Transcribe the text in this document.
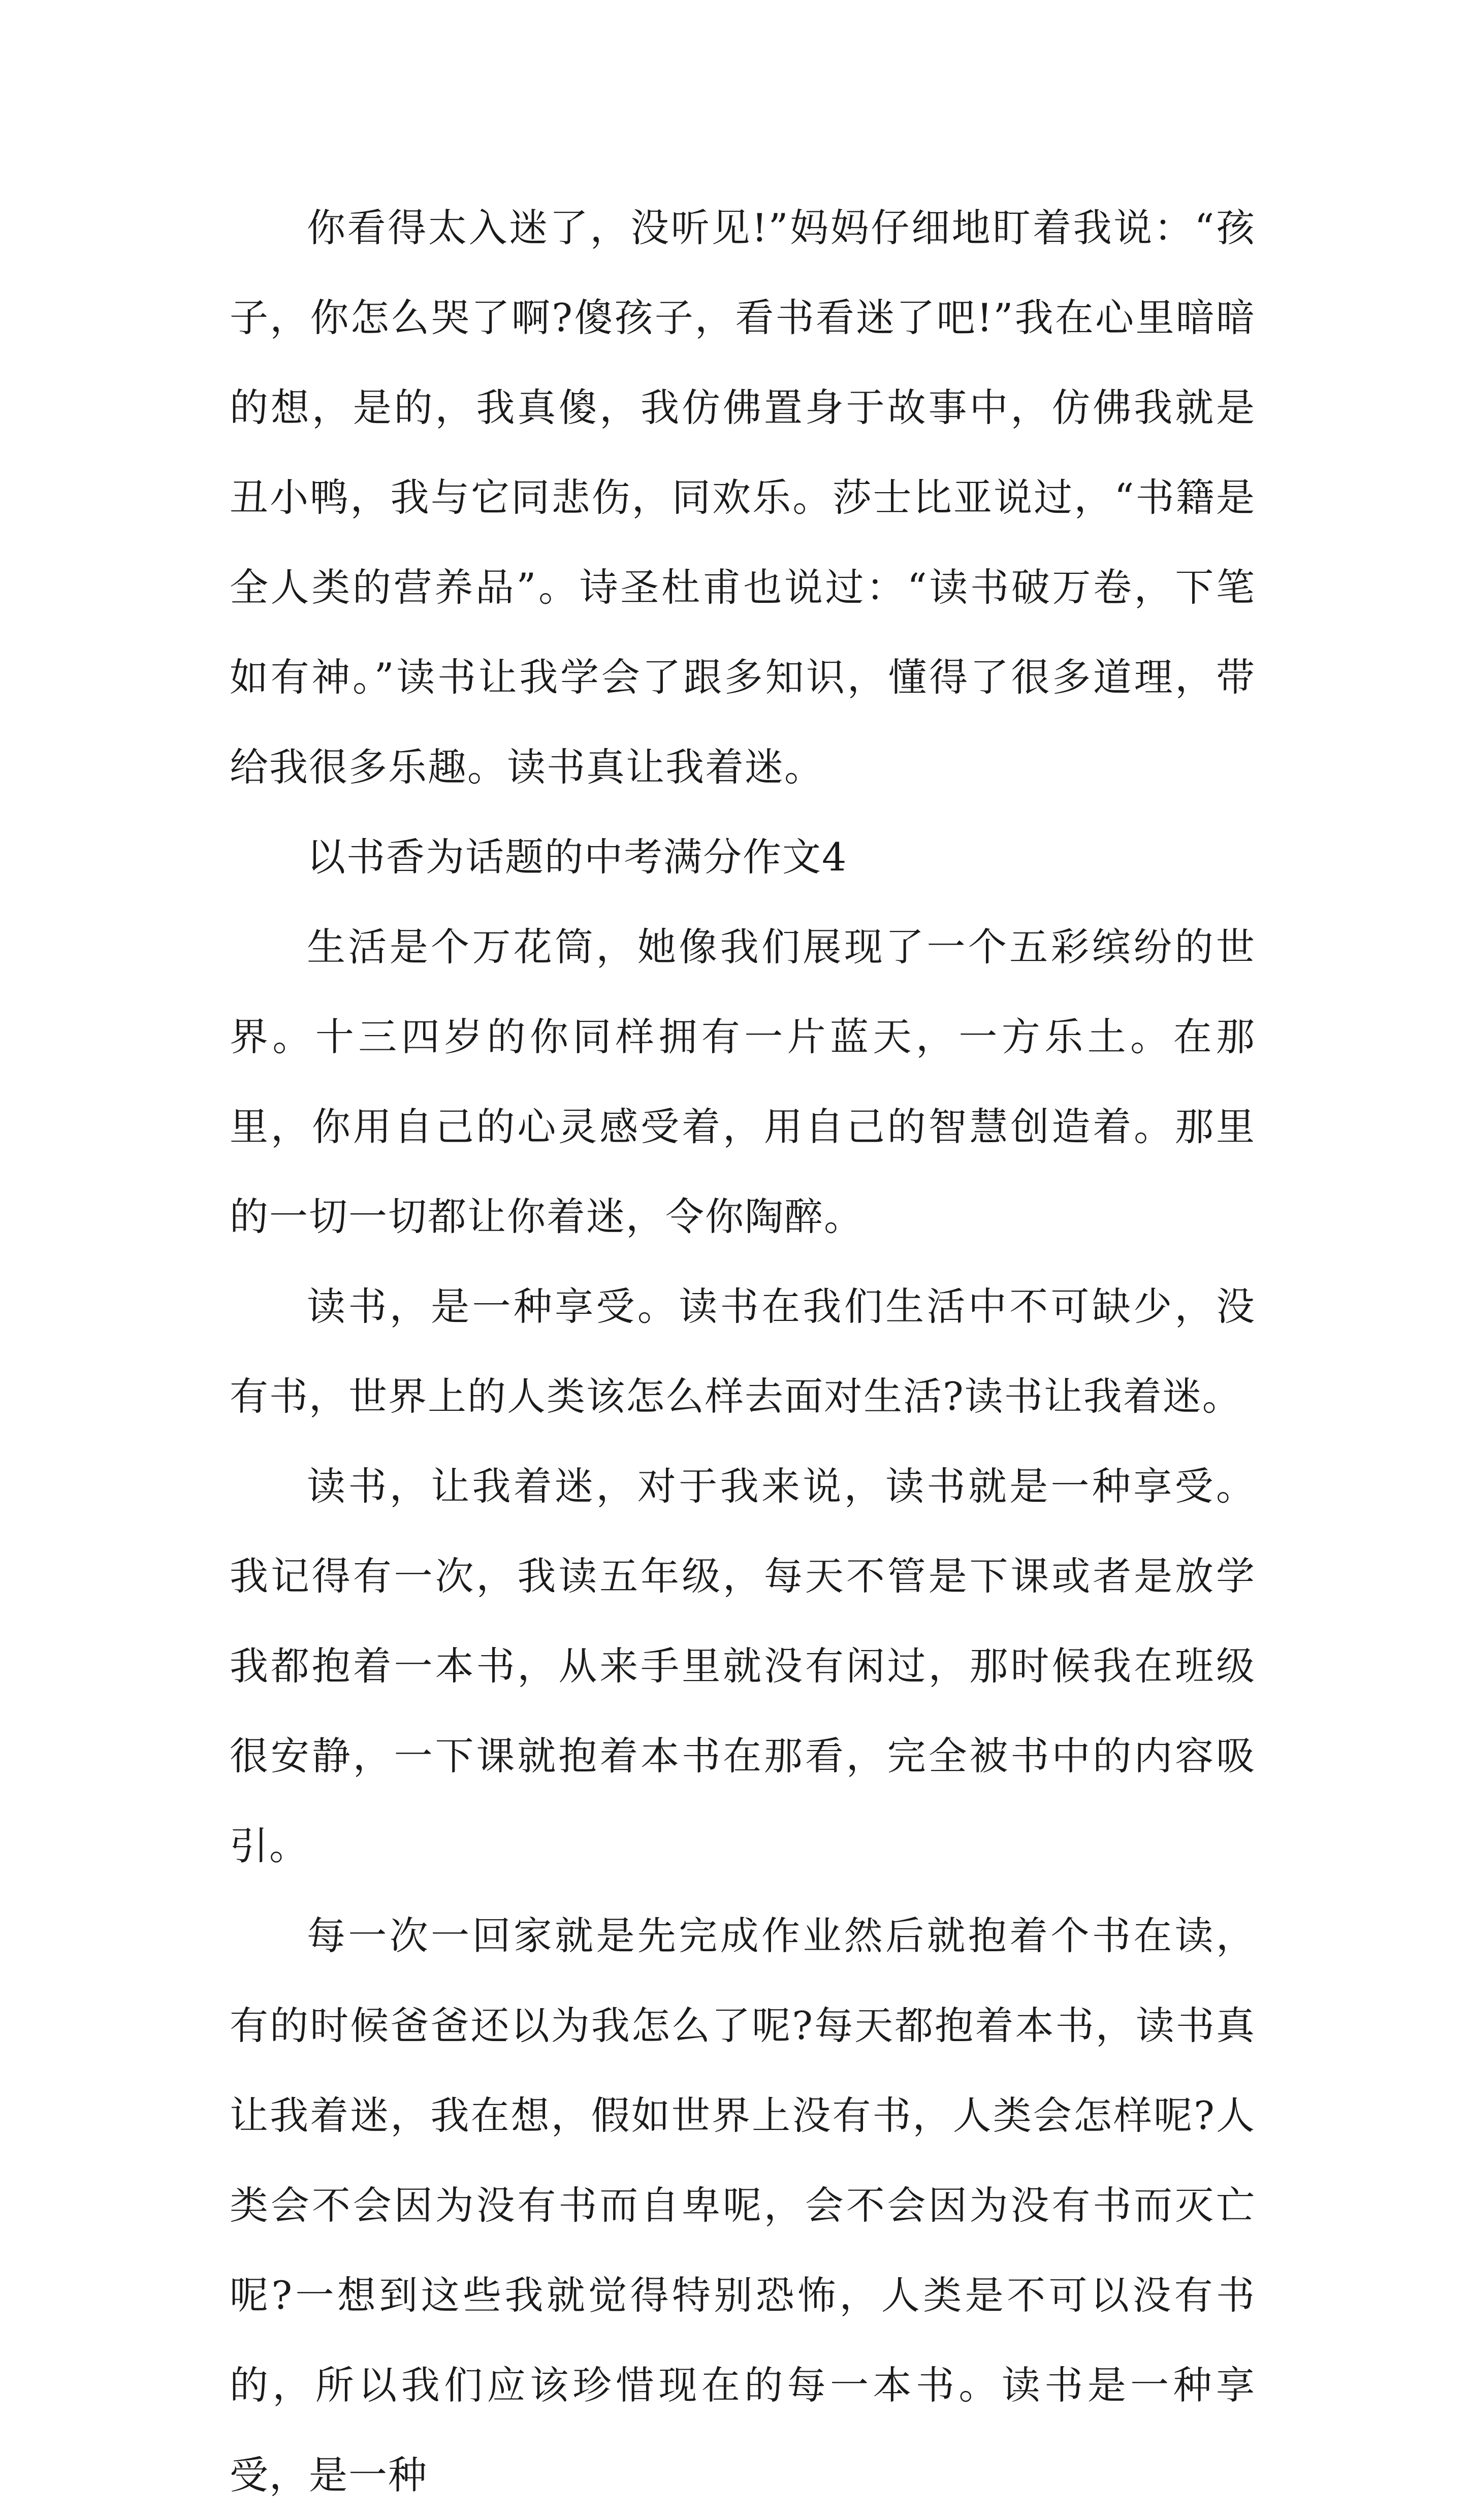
你看得太入迷了，没听见!”妈妈仔细地盯着我说：“孩子，你怎么哭了啊?傻孩子，看书看迷了吧!”我在心里暗暗的想，是的，我真傻，我仿佛置身于故事中，仿佛我就是丑小鸭，我与它同悲伤，同欢乐。莎士比亚说过，“书籍是全人类的营养品”。诗圣杜甫也说过：“读书破万卷，下笔如有神。”读书让我学会了跟多知识，懂得了很多道理，带给我很多乐趣。读书真让我着迷。

以书香为话题的中考满分作文4

生活是个万花筒，她像我们展现了一个五彩缤纷的世界。十三四岁的你同样拥有一片蓝天，一方乐土。在那里，你用自己的心灵感受着，用自己的智慧创造着。那里的一切一切都让你着迷，令你陶醉。

读书，是一种享受。读书在我们生活中不可缺少，没有书，世界上的人类该怎么样去面对生活?读书让我着迷。

读书，让我着迷，对于我来说，读书就是一种享受。我记得有一次，我读五年级，每天不管是下课或者是放学我都抱着一本书，从来手里就没有闲过，那时候我在班级很安静，一下课就抱着本书在那看，完全被书中的内容吸引。

每一次一回家就是先完成作业然后就抱着个书在读，有的时候爸爸还以为我怎么了呢?每天都抱着本书，读书真让我着迷，我在想，假如世界上没有书，人类会怎样呢?人类会不会因为没有书而自卑呢，会不会因为没有书而灭亡呢?一想到这些我就觉得特别恐怖，人类是不可以没有书的，所以我们应该珍惜现在的每一本书。读书是一种享受，是一种
